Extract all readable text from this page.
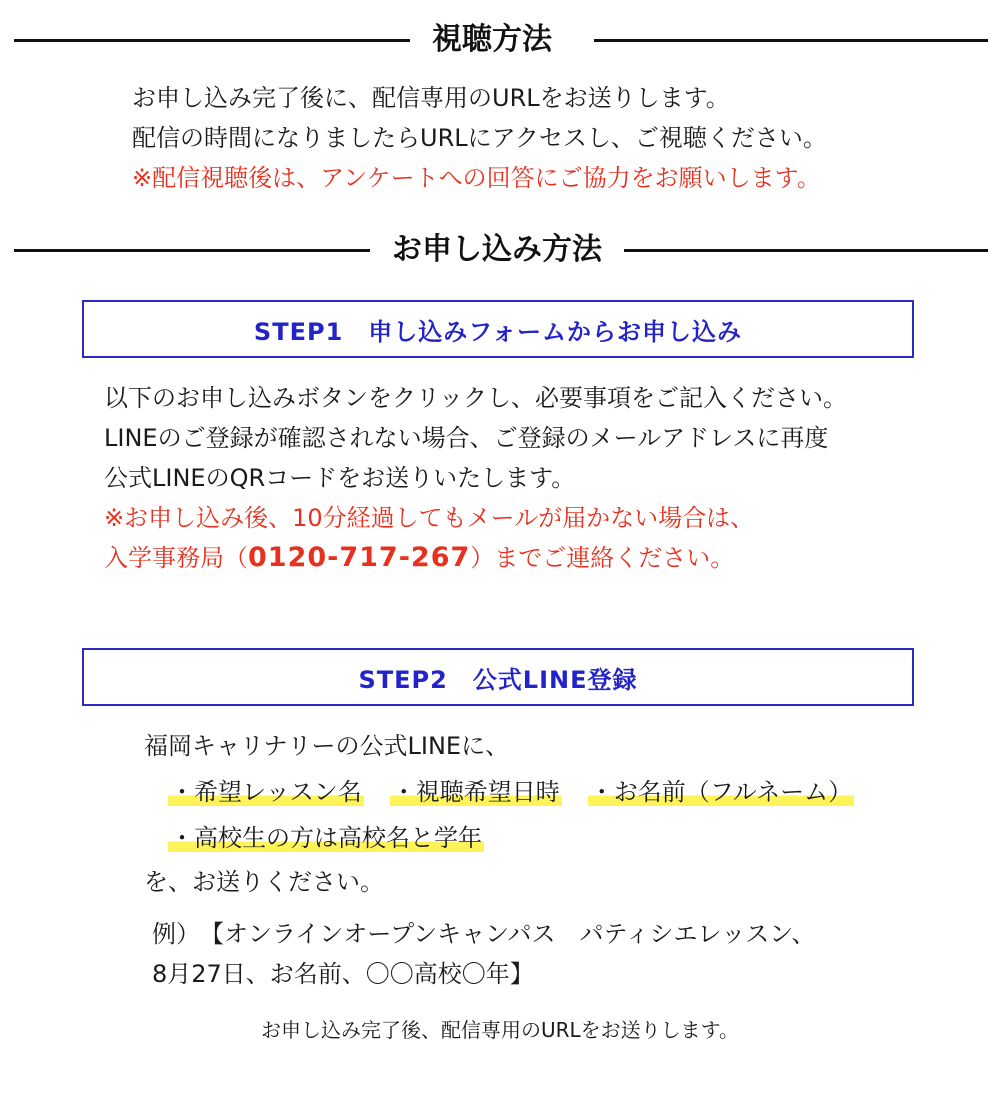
視聴方法
お申し込み完了後に、配信専用のURLをお送りします。
配信の時間になりましたらURLにアクセスし、ご視聴ください。
※配信視聴後は、アンケートへの回答にご協力をお願いします。
お申し込み方法
STEP1　申し込みフォームからお申し込み
以下のお申し込みボタンをクリックし、必要事項をご記入ください。
LINEのご登録が確認されない場合、ご登録のメールアドレスに再度
公式LINEのQRコードをお送りいたします。
※お申し込み後、10分経過してもメールが届かない場合は、
入学事務局（0120-717-267）までご連絡ください。
STEP2　公式LINE登録
福岡キャリナリーの公式LINEに、
・希望レッスン名 ・視聴希望日時 ・お名前（フルネーム）
・高校生の方は高校名と学年
を、お送りください。
例）　【オンラインオープンキャンパス　パティシエレッスン、
8月27日、お名前、〇〇高校〇年】
お申し込み完了後、配信専用のURLをお送りします。
